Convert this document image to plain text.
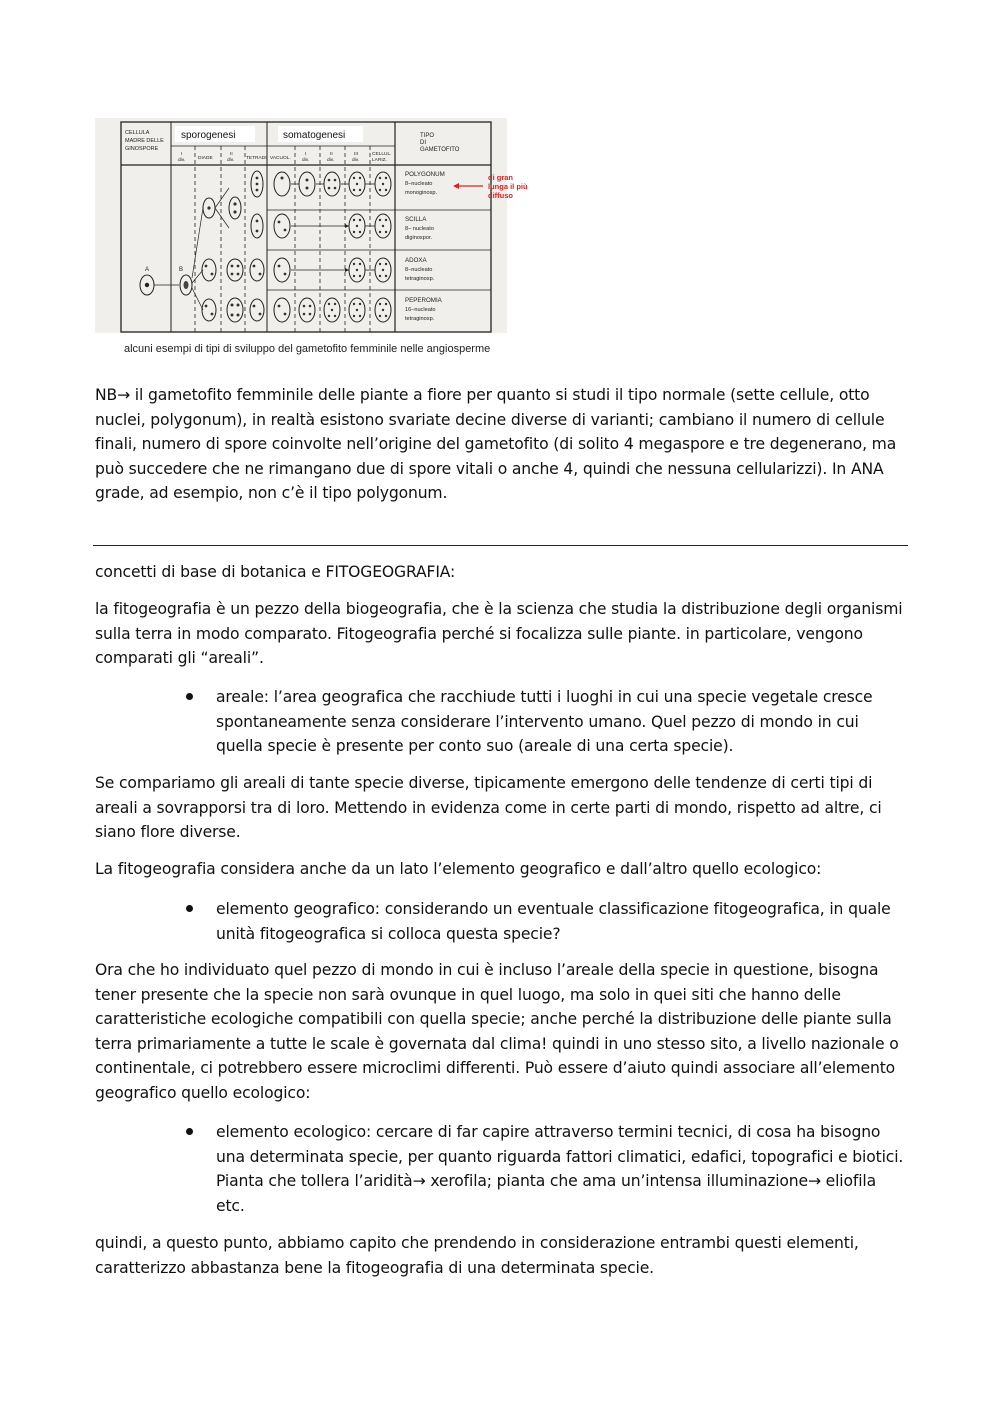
sporogenesi	somatogenesi
CELLULA
MADRE DELLE
GINOSPORE
TIPO
DI
GAMETOFITO
I
div.	DIADE
II
div. TETRADI VACUOL.
I
div.
II
div.
III
div.
CELLUL.
LARIZ.
POLYGONUM
8–nucleato
monoginosp.
SCILLA
8– nucleato
diginospor.
ADOXA
8–nucleato
tetraginosp.
PEPEROMIA
16–nucleato
tetraginosp.
di gran
lunga il più
diffuso
A	B
alcuni esempi di tipi di sviluppo del gametofito femminile nelle angiosperme

NB→ il gametofito femminile delle piante a fiore per quanto si studi il tipo normale (sette cellule, otto nuclei, polygonum), in realtà esistono svariate decine diverse di varianti; cambiano il numero di cellule finali, numero di spore coinvolte nell’origine del gametofito (di solito 4 megaspore e tre degenerano, ma può succedere che ne rimangano due di spore vitali o anche 4, quindi che nessuna cellularizzi). In ANA grade, ad esempio, non c’è il tipo polygonum.

concetti di base di botanica e FITOGEOGRAFIA:

la fitogeografia è un pezzo della biogeografia, che è la scienza che studia la distribuzione degli organismi sulla terra in modo comparato. Fitogeografia perché si focalizza sulle piante. in particolare, vengono comparati gli “areali”.

areale: l’area geografica che racchiude tutti i luoghi in cui una specie vegetale cresce spontaneamente senza considerare l’intervento umano. Quel pezzo di mondo in cui quella specie è presente per conto suo (areale di una certa specie).

Se compariamo gli areali di tante specie diverse, tipicamente emergono delle tendenze di certi tipi di areali a sovrapporsi tra di loro. Mettendo in evidenza come in certe parti di mondo, rispetto ad altre, ci siano flore diverse.

La fitogeografia considera anche da un lato l’elemento geografico e dall’altro quello ecologico:

elemento geografico: considerando un eventuale classificazione fitogeografica, in quale unità fitogeografica si colloca questa specie?

Ora che ho individuato quel pezzo di mondo in cui è incluso l’areale della specie in questione, bisogna tener presente che la specie non sarà ovunque in quel luogo, ma solo in quei siti che hanno delle caratteristiche ecologiche compatibili con quella specie; anche perché la distribuzione delle piante sulla terra primariamente a tutte le scale è governata dal clima! quindi in uno stesso sito, a livello nazionale o continentale, ci potrebbero essere microclimi differenti. Può essere d’aiuto quindi associare all’elemento geografico quello ecologico:

elemento ecologico: cercare di far capire attraverso termini tecnici, di cosa ha bisogno una determinata specie, per quanto riguarda fattori climatici, edafici, topografici e biotici. Pianta che tollera l’aridità→ xerofila; pianta che ama un’intensa illuminazione→ eliofila etc.

quindi, a questo punto, abbiamo capito che prendendo in considerazione entrambi questi elementi, caratterizzo abbastanza bene la fitogeografia di una determinata specie.
